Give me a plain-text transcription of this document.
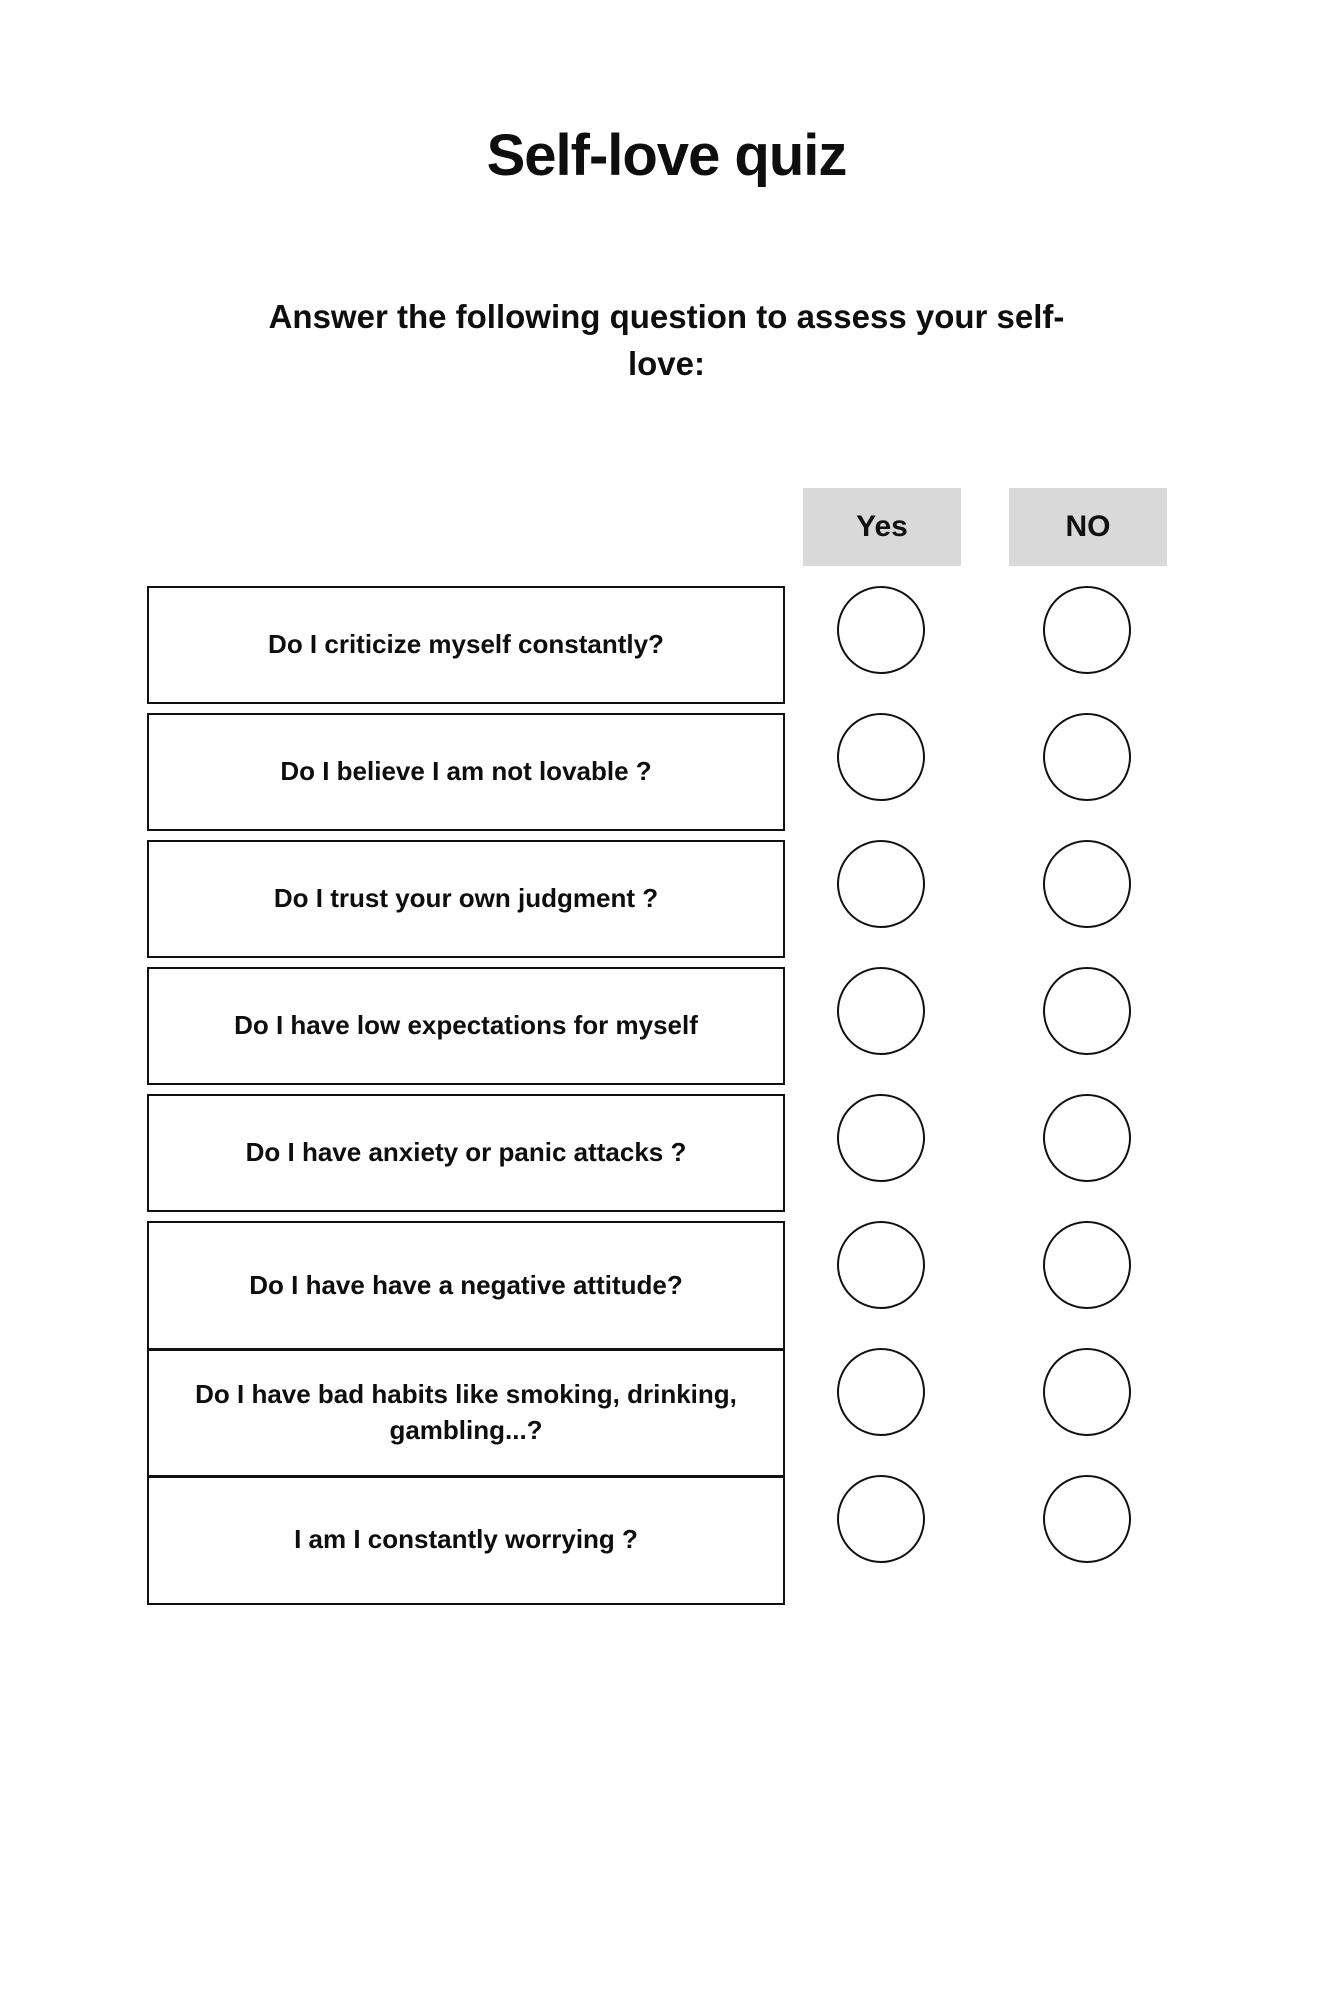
Self-love quiz

Answer the following question to assess your self- love:

Yes	NO
Do I criticize myself constantly?
Do I believe I am not lovable ?
Do I trust your own judgment ?
Do I have low expectations for myself
Do I have anxiety or panic attacks ?
Do I have have a negative attitude?
Do I have bad habits like smoking, drinking, gambling...?
I am I constantly worrying ?
